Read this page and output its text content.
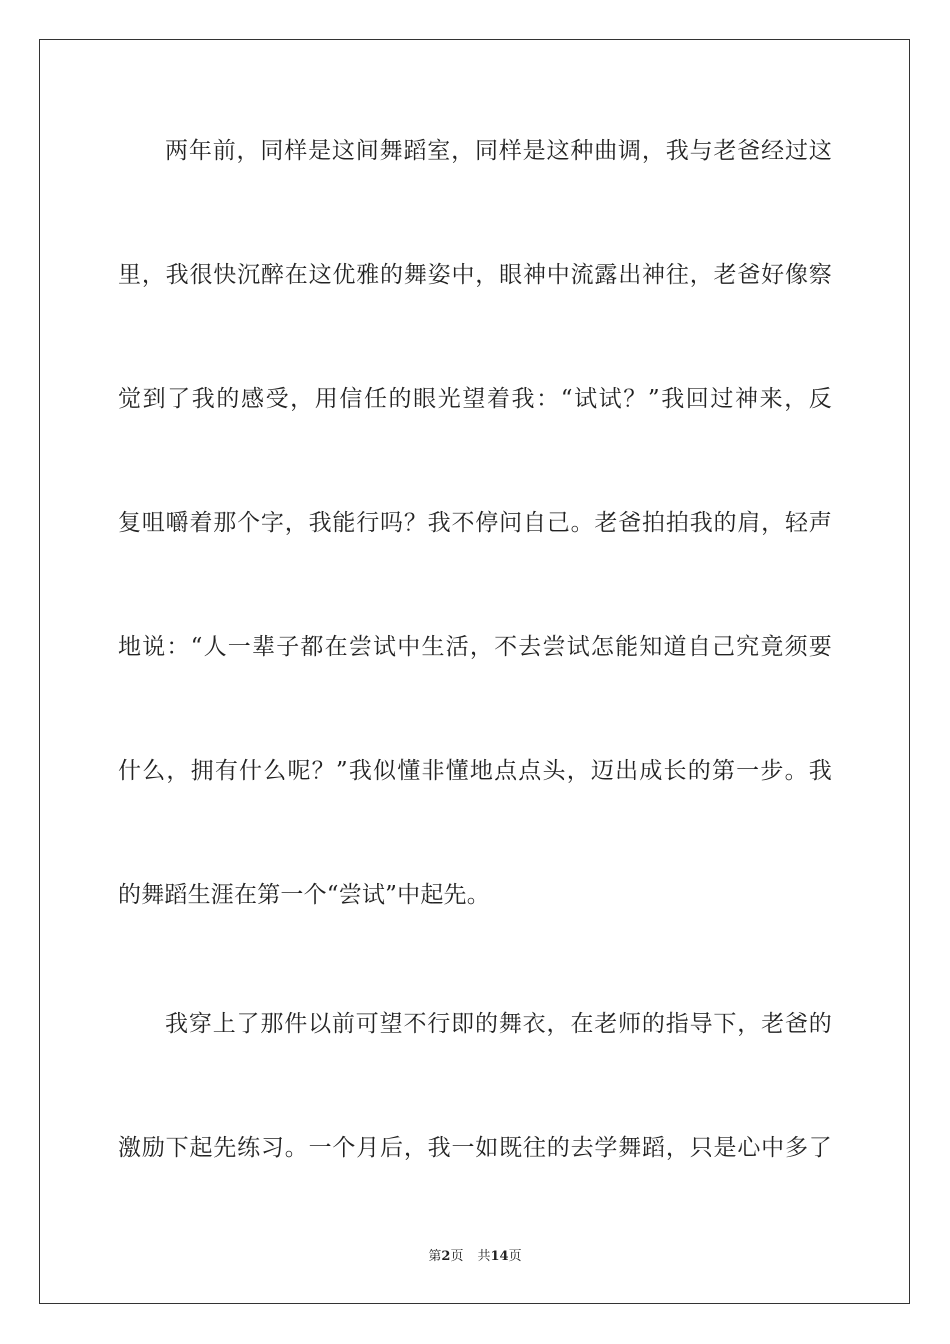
两年前，同样是这间舞蹈室，同样是这种曲调，我与老爸经过这
里，我很快沉醉在这优雅的舞姿中，眼神中流露出神往，老爸好像察
觉到了我的感受，用信任的眼光望着我：“试试？”我回过神来，反
复咀嚼着那个字，我能行吗？我不停问自己。老爸拍拍我的肩，轻声
地说：“人一辈子都在尝试中生活，不去尝试怎能知道自己究竟须要
什么，拥有什么呢？”我似懂非懂地点点头，迈出成长的第一步。我
的舞蹈生涯在第一个“尝试”中起先。
我穿上了那件以前可望不行即的舞衣，在老师的指导下，老爸的
激励下起先练习。一个月后，我一如既往的去学舞蹈，只是心中多了
第2页 共14页
